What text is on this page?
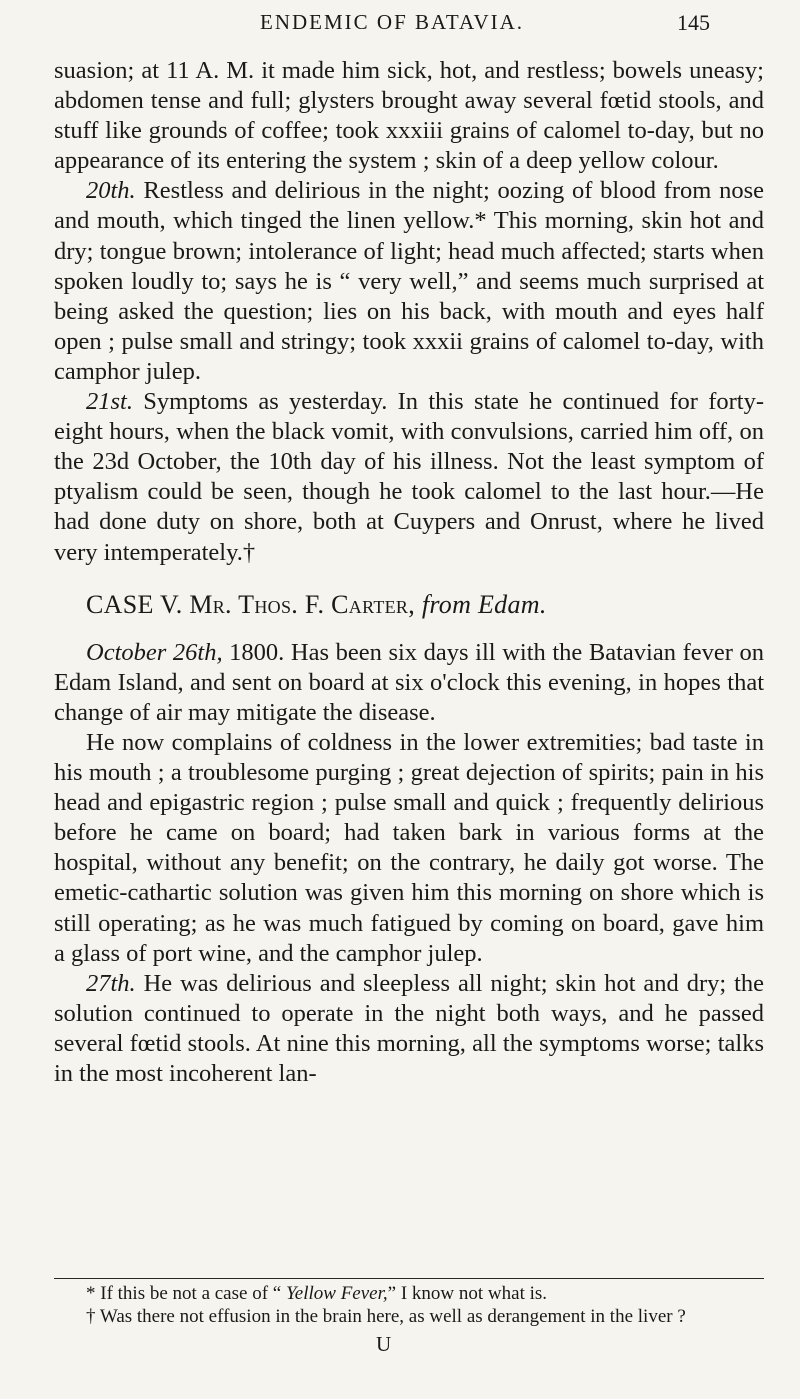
ENDEMIC OF BATAVIA.	145

suasion; at 11 A. M. it made him sick, hot, and restless; bowels uneasy; abdomen tense and full; glysters brought away several fœtid stools, and stuff like grounds of coffee; took xxxiii grains of calomel to-day, but no appearance of its entering the system ; skin of a deep yellow colour.

20th. Restless and delirious in the night; oozing of blood from nose and mouth, which tinged the linen yellow.* This morning, skin hot and dry; tongue brown; intolerance of light; head much affected; starts when spoken loudly to; says he is “ very well,” and seems much surprised at being asked the question; lies on his back, with mouth and eyes half open ; pulse small and stringy; took xxxii grains of calomel to-day, with camphor julep.

21st. Symptoms as yesterday. In this state he continued for forty-eight hours, when the black vomit, with convulsions, carried him off, on the 23d October, the 10th day of his illness. Not the least symptom of ptyalism could be seen, though he took calomel to the last hour.—He had done duty on shore, both at Cuypers and Onrust, where he lived very intemperately.†

CASE V. Mr. Thos. F. Carter, from Edam.

October 26th, 1800. Has been six days ill with the Batavian fever on Edam Island, and sent on board at six o'clock this evening, in hopes that change of air may mitigate the disease.

He now complains of coldness in the lower extremities; bad taste in his mouth ; a troublesome purging ; great dejection of spirits; pain in his head and epigastric region ; pulse small and quick ; frequently delirious before he came on board; had taken bark in various forms at the hospital, without any benefit; on the contrary, he daily got worse. The emetic-cathartic solution was given him this morning on shore which is still operating; as he was much fatigued by coming on board, gave him a glass of port wine, and the camphor julep.

27th. He was delirious and sleepless all night; skin hot and dry; the solution continued to operate in the night both ways, and he passed several fœtid stools. At nine this morning, all the symptoms worse; talks in the most incoherent lan-

* If this be not a case of “ Yellow Fever,” I know not what is.

† Was there not effusion in the brain here, as well as derangement in the liver ?

U
